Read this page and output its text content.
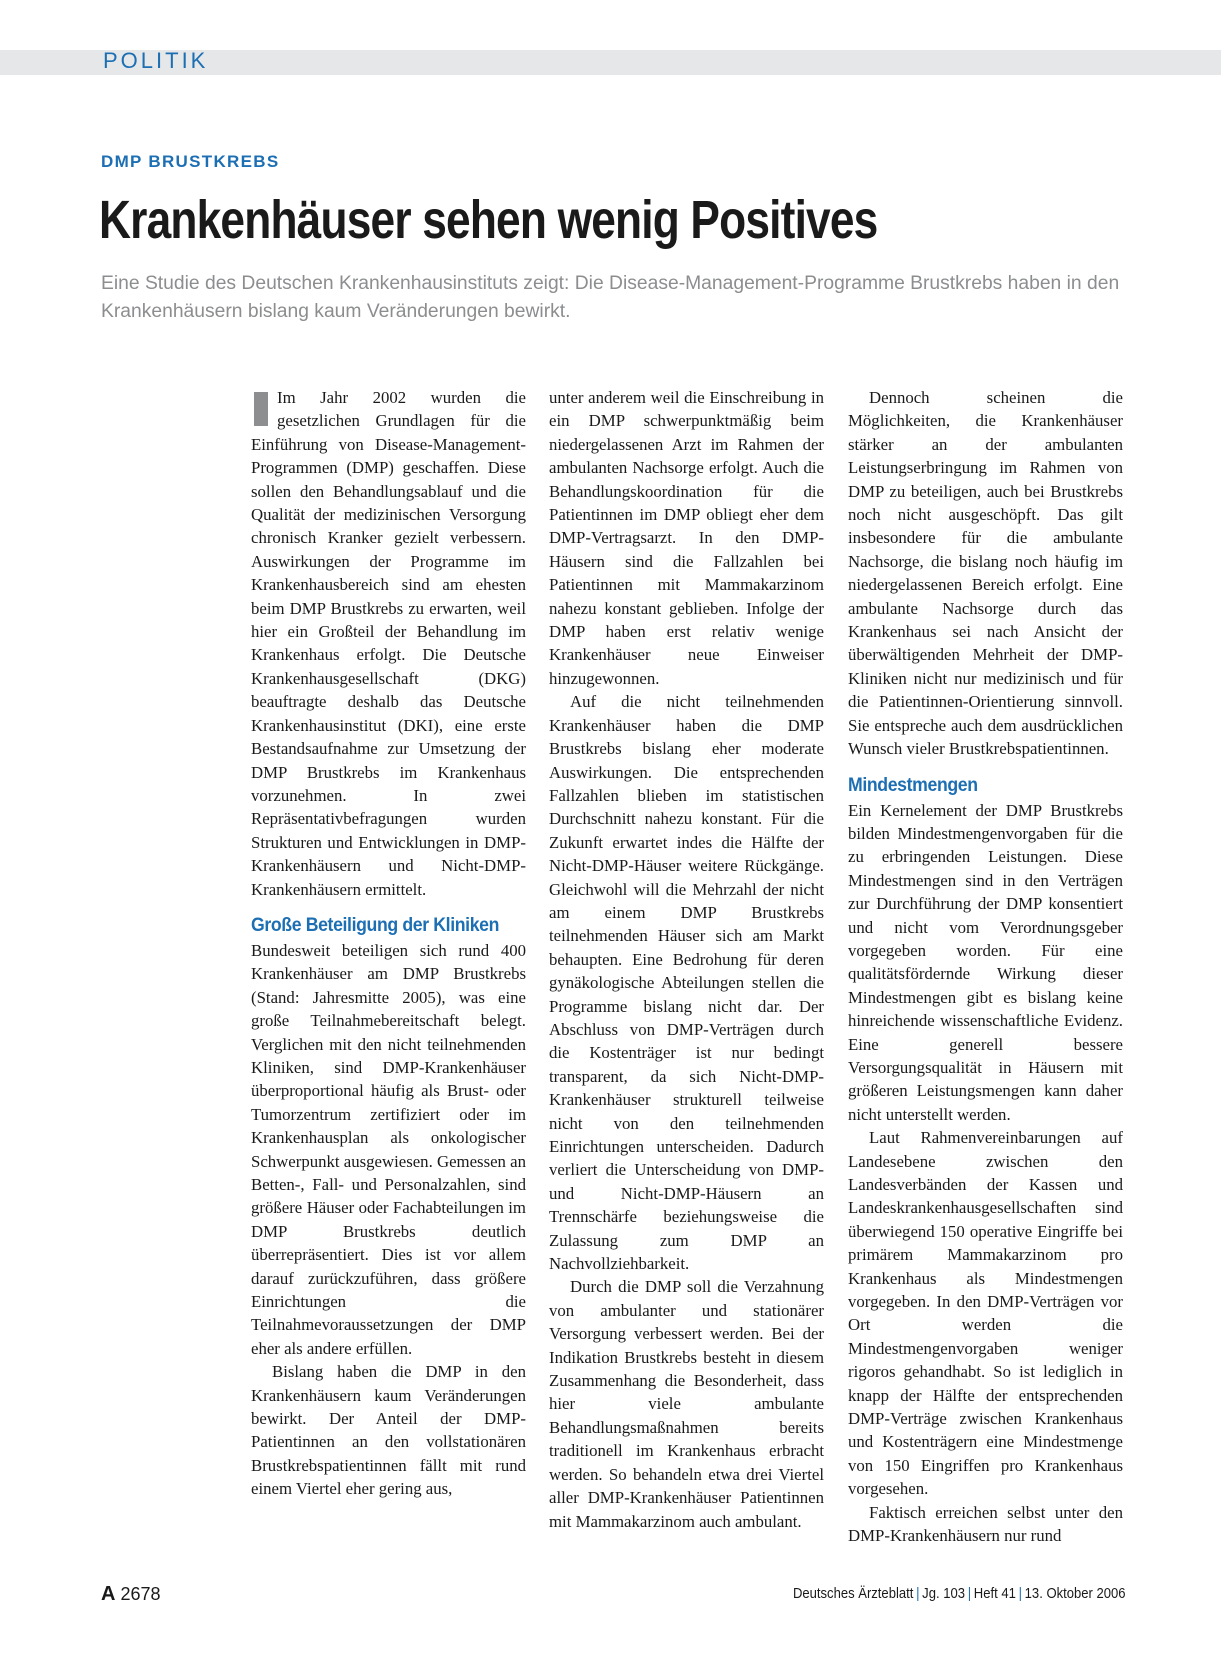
POLITIK
DMP BRUSTKREBS
Krankenhäuser sehen wenig Positives
Eine Studie des Deutschen Krankenhausinstituts zeigt: Die Disease-Management-Programme Brustkrebs haben in den Krankenhäusern bislang kaum Veränderungen bewirkt.

Im Jahr 2002 wurden die gesetzlichen Grundlagen für die Einführung von Disease-Management-Programmen (DMP) geschaffen. Diese sollen den Behandlungsablauf und die Qualität der medizinischen Versorgung chronisch Kranker gezielt verbessern. Auswirkungen der Programme im Krankenhausbereich sind am ehesten beim DMP Brustkrebs zu erwarten, weil hier ein Großteil der Behandlung im Krankenhaus erfolgt. Die Deutsche Krankenhausgesellschaft (DKG) beauftragte deshalb das Deutsche Krankenhausinstitut (DKI), eine erste Bestandsaufnahme zur Umsetzung der DMP Brustkrebs im Krankenhaus vorzunehmen. In zwei Repräsentativbefragungen wurden Strukturen und Entwicklungen in DMP-Krankenhäusern und Nicht-DMP-Krankenhäusern ermittelt.

Große Beteiligung der Kliniken

Bundesweit beteiligen sich rund 400 Krankenhäuser am DMP Brustkrebs (Stand: Jahresmitte 2005), was eine große Teilnahmebereitschaft belegt. Verglichen mit den nicht teilnehmenden Kliniken, sind DMP-Krankenhäuser überproportional häufig als Brust- oder Tumorzentrum zertifiziert oder im Krankenhausplan als onkologischer Schwerpunkt ausgewiesen. Gemessen an Betten-, Fall- und Personalzahlen, sind größere Häuser oder Fachabteilungen im DMP Brustkrebs deutlich überrepräsentiert. Dies ist vor allem darauf zurückzuführen, dass größere Einrichtungen die Teilnahmevoraussetzungen der DMP eher als andere erfüllen.

Bislang haben die DMP in den Krankenhäusern kaum Veränderungen bewirkt. Der Anteil der DMP-Patientinnen an den vollstationären Brustkrebspatientinnen fällt mit rund einem Viertel eher gering aus,

unter anderem weil die Einschreibung in ein DMP schwerpunktmäßig beim niedergelassenen Arzt im Rahmen der ambulanten Nachsorge erfolgt. Auch die Behandlungskoordination für die Patientinnen im DMP obliegt eher dem DMP-Vertragsarzt. In den DMP-Häusern sind die Fallzahlen bei Patientinnen mit Mammakarzinom nahezu konstant geblieben. Infolge der DMP haben erst relativ wenige Krankenhäuser neue Einweiser hinzugewonnen.

Auf die nicht teilnehmenden Krankenhäuser haben die DMP Brustkrebs bislang eher moderate Auswirkungen. Die entsprechenden Fallzahlen blieben im statistischen Durchschnitt nahezu konstant. Für die Zukunft erwartet indes die Hälfte der Nicht-DMP-Häuser weitere Rückgänge. Gleichwohl will die Mehrzahl der nicht am einem DMP Brustkrebs teilnehmenden Häuser sich am Markt behaupten. Eine Bedrohung für deren gynäkologische Abteilungen stellen die Programme bislang nicht dar. Der Abschluss von DMP-Verträgen durch die Kostenträger ist nur bedingt transparent, da sich Nicht-DMP-Krankenhäuser strukturell teilweise nicht von den teilnehmenden Einrichtungen unterscheiden. Dadurch verliert die Unterscheidung von DMP- und Nicht-DMP-Häusern an Trennschärfe beziehungsweise die Zulassung zum DMP an Nachvollziehbarkeit.

Durch die DMP soll die Verzahnung von ambulanter und stationärer Versorgung verbessert werden. Bei der Indikation Brustkrebs besteht in diesem Zusammenhang die Besonderheit, dass hier viele ambulante Behandlungsmaßnahmen bereits traditionell im Krankenhaus erbracht werden. So behandeln etwa drei Viertel aller DMP-Krankenhäuser Patientinnen mit Mammakarzinom auch ambulant.

Dennoch scheinen die Möglichkeiten, die Krankenhäuser stärker an der ambulanten Leistungserbringung im Rahmen von DMP zu beteiligen, auch bei Brustkrebs noch nicht ausgeschöpft. Das gilt insbesondere für die ambulante Nachsorge, die bislang noch häufig im niedergelassenen Bereich erfolgt. Eine ambulante Nachsorge durch das Krankenhaus sei nach Ansicht der überwältigenden Mehrheit der DMP-Kliniken nicht nur medizinisch und für die Patientinnen-Orientierung sinnvoll. Sie entspreche auch dem ausdrücklichen Wunsch vieler Brustkrebspatientinnen.

Mindestmengen

Ein Kernelement der DMP Brustkrebs bilden Mindestmengenvorgaben für die zu erbringenden Leistungen. Diese Mindestmengen sind in den Verträgen zur Durchführung der DMP konsentiert und nicht vom Verordnungsgeber vorgegeben worden. Für eine qualitätsfördernde Wirkung dieser Mindestmengen gibt es bislang keine hinreichende wissenschaftliche Evidenz. Eine generell bessere Versorgungsqualität in Häusern mit größeren Leistungsmengen kann daher nicht unterstellt werden.

Laut Rahmenvereinbarungen auf Landesebene zwischen den Landesverbänden der Kassen und Landeskrankenhausgesellschaften sind überwiegend 150 operative Eingriffe bei primärem Mammakarzinom pro Krankenhaus als Mindestmengen vorgegeben. In den DMP-Verträgen vor Ort werden die Mindestmengenvorgaben weniger rigoros gehandhabt. So ist lediglich in knapp der Hälfte der entsprechenden DMP-Verträge zwischen Krankenhaus und Kostenträgern eine Mindestmenge von 150 Eingriffen pro Krankenhaus vorgesehen.

Faktisch erreichen selbst unter den DMP-Krankenhäusern nur rund

A 2678	Deutsches Ärzteblatt | Jg. 103 | Heft 41 | 13. Oktober 2006
